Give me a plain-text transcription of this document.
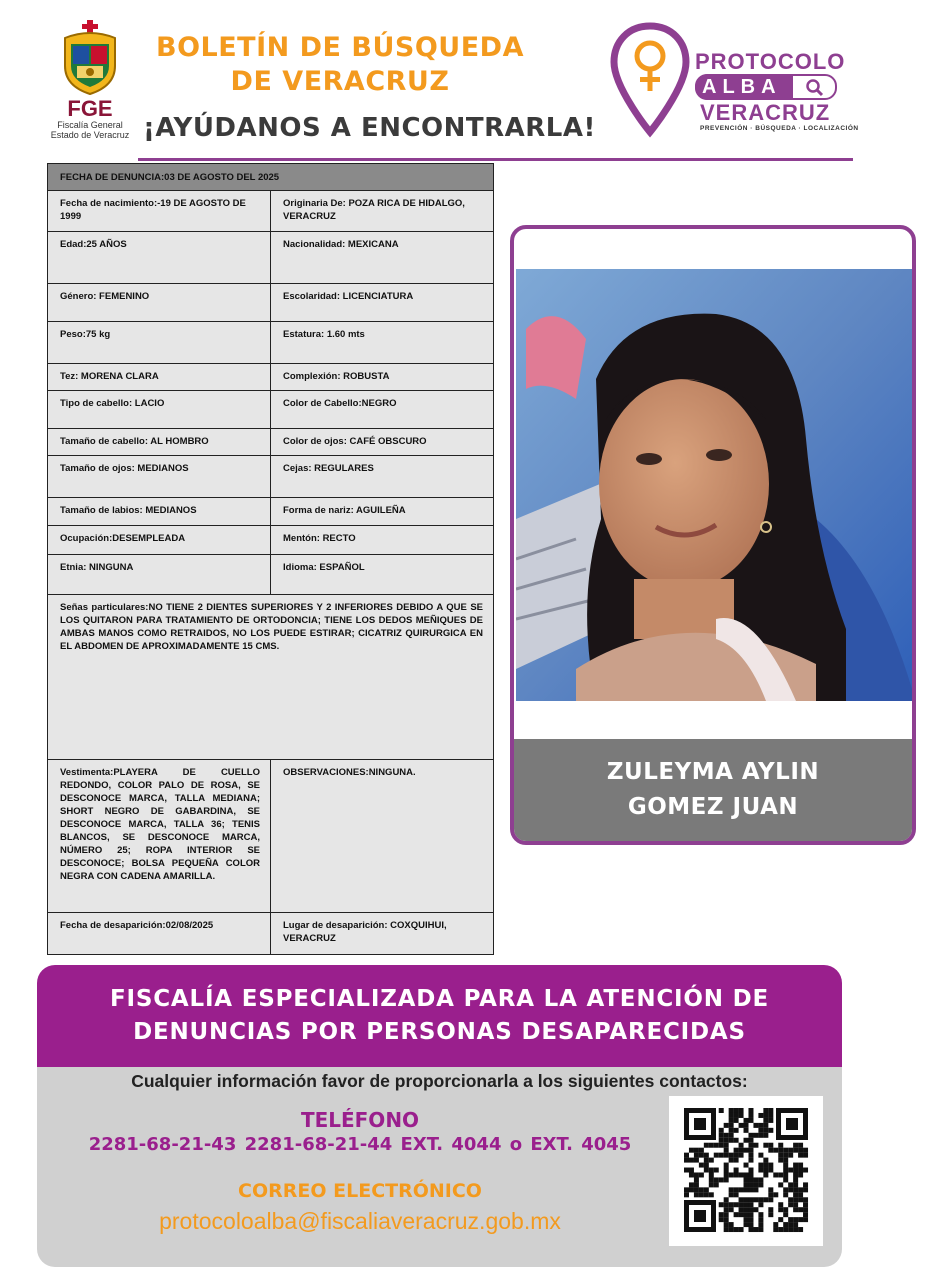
FGE
Fiscalía General
Estado de Veracruz
BOLETÍN DE BÚSQUEDA
DE VERACRUZ
¡AYÚDANOS A ENCONTRARLA!
PROTOCOLO
ALBA
VERACRUZ
PREVENCIÓN · BÚSQUEDA · LOCALIZACIÓN
FECHA DE DENUNCIA:03 DE AGOSTO DEL 2025	
Fecha de nacimiento:-19 DE AGOSTO DE 1999	Originaria De: POZA RICA DE HIDALGO, VERACRUZ
Edad:25 AÑOS	Nacionalidad: MEXICANA
Género: FEMENINO	Escolaridad: LICENCIATURA
Peso:75 kg	Estatura: 1.60 mts
Tez: MORENA CLARA	Complexión: ROBUSTA
Tipo de cabello: LACIO	Color de Cabello:NEGRO
Tamaño de cabello: AL HOMBRO	Color de ojos: CAFÉ OBSCURO
Tamaño de ojos: MEDIANOS	Cejas: REGULARES
Tamaño de labios: MEDIANOS	Forma de nariz: AGUILEÑA
Ocupación:DESEMPLEADA	Mentón: RECTO
Etnia: NINGUNA	Idioma: ESPAÑOL
Señas particulares:NO TIENE 2 DIENTES SUPERIORES Y 2 INFERIORES DEBIDO A QUE SE LOS QUITARON PARA TRATAMIENTO DE ORTODONCIA; TIENE LOS DEDOS MEÑIQUES DE AMBAS MANOS COMO RETRAIDOS, NO LOS PUEDE ESTIRAR; CICATRIZ QUIRURGICA EN EL ABDOMEN DE APROXIMADAMENTE 15 CMS.	
Vestimenta:PLAYERA DE CUELLO REDONDO, COLOR PALO DE ROSA, SE DESCONOCE MARCA, TALLA MEDIANA; SHORT NEGRO DE GABARDINA, SE DESCONOCE MARCA, TALLA 36; TENIS BLANCOS, SE DESCONOCE MARCA, NÚMERO 25; ROPA INTERIOR SE DESCONOCE; BOLSA PEQUEÑA COLOR NEGRA CON CADENA AMARILLA.	OBSERVACIONES:NINGUNA.
Fecha de desaparición:02/08/2025	Lugar de desaparición: COXQUIHUI, VERACRUZ
ZULEYMA AYLIN
GOMEZ JUAN
FISCALÍA ESPECIALIZADA PARA LA ATENCIÓN DE
DENUNCIAS POR PERSONAS DESAPARECIDAS
Cualquier información favor de proporcionarla a los siguientes contactos:
TELÉFONO
2281-68-21-43 2281-68-21-44 EXT. 4044 o EXT. 4045
CORREO ELECTRÓNICO
protocoloalba@fiscaliaveracruz.gob.mx
